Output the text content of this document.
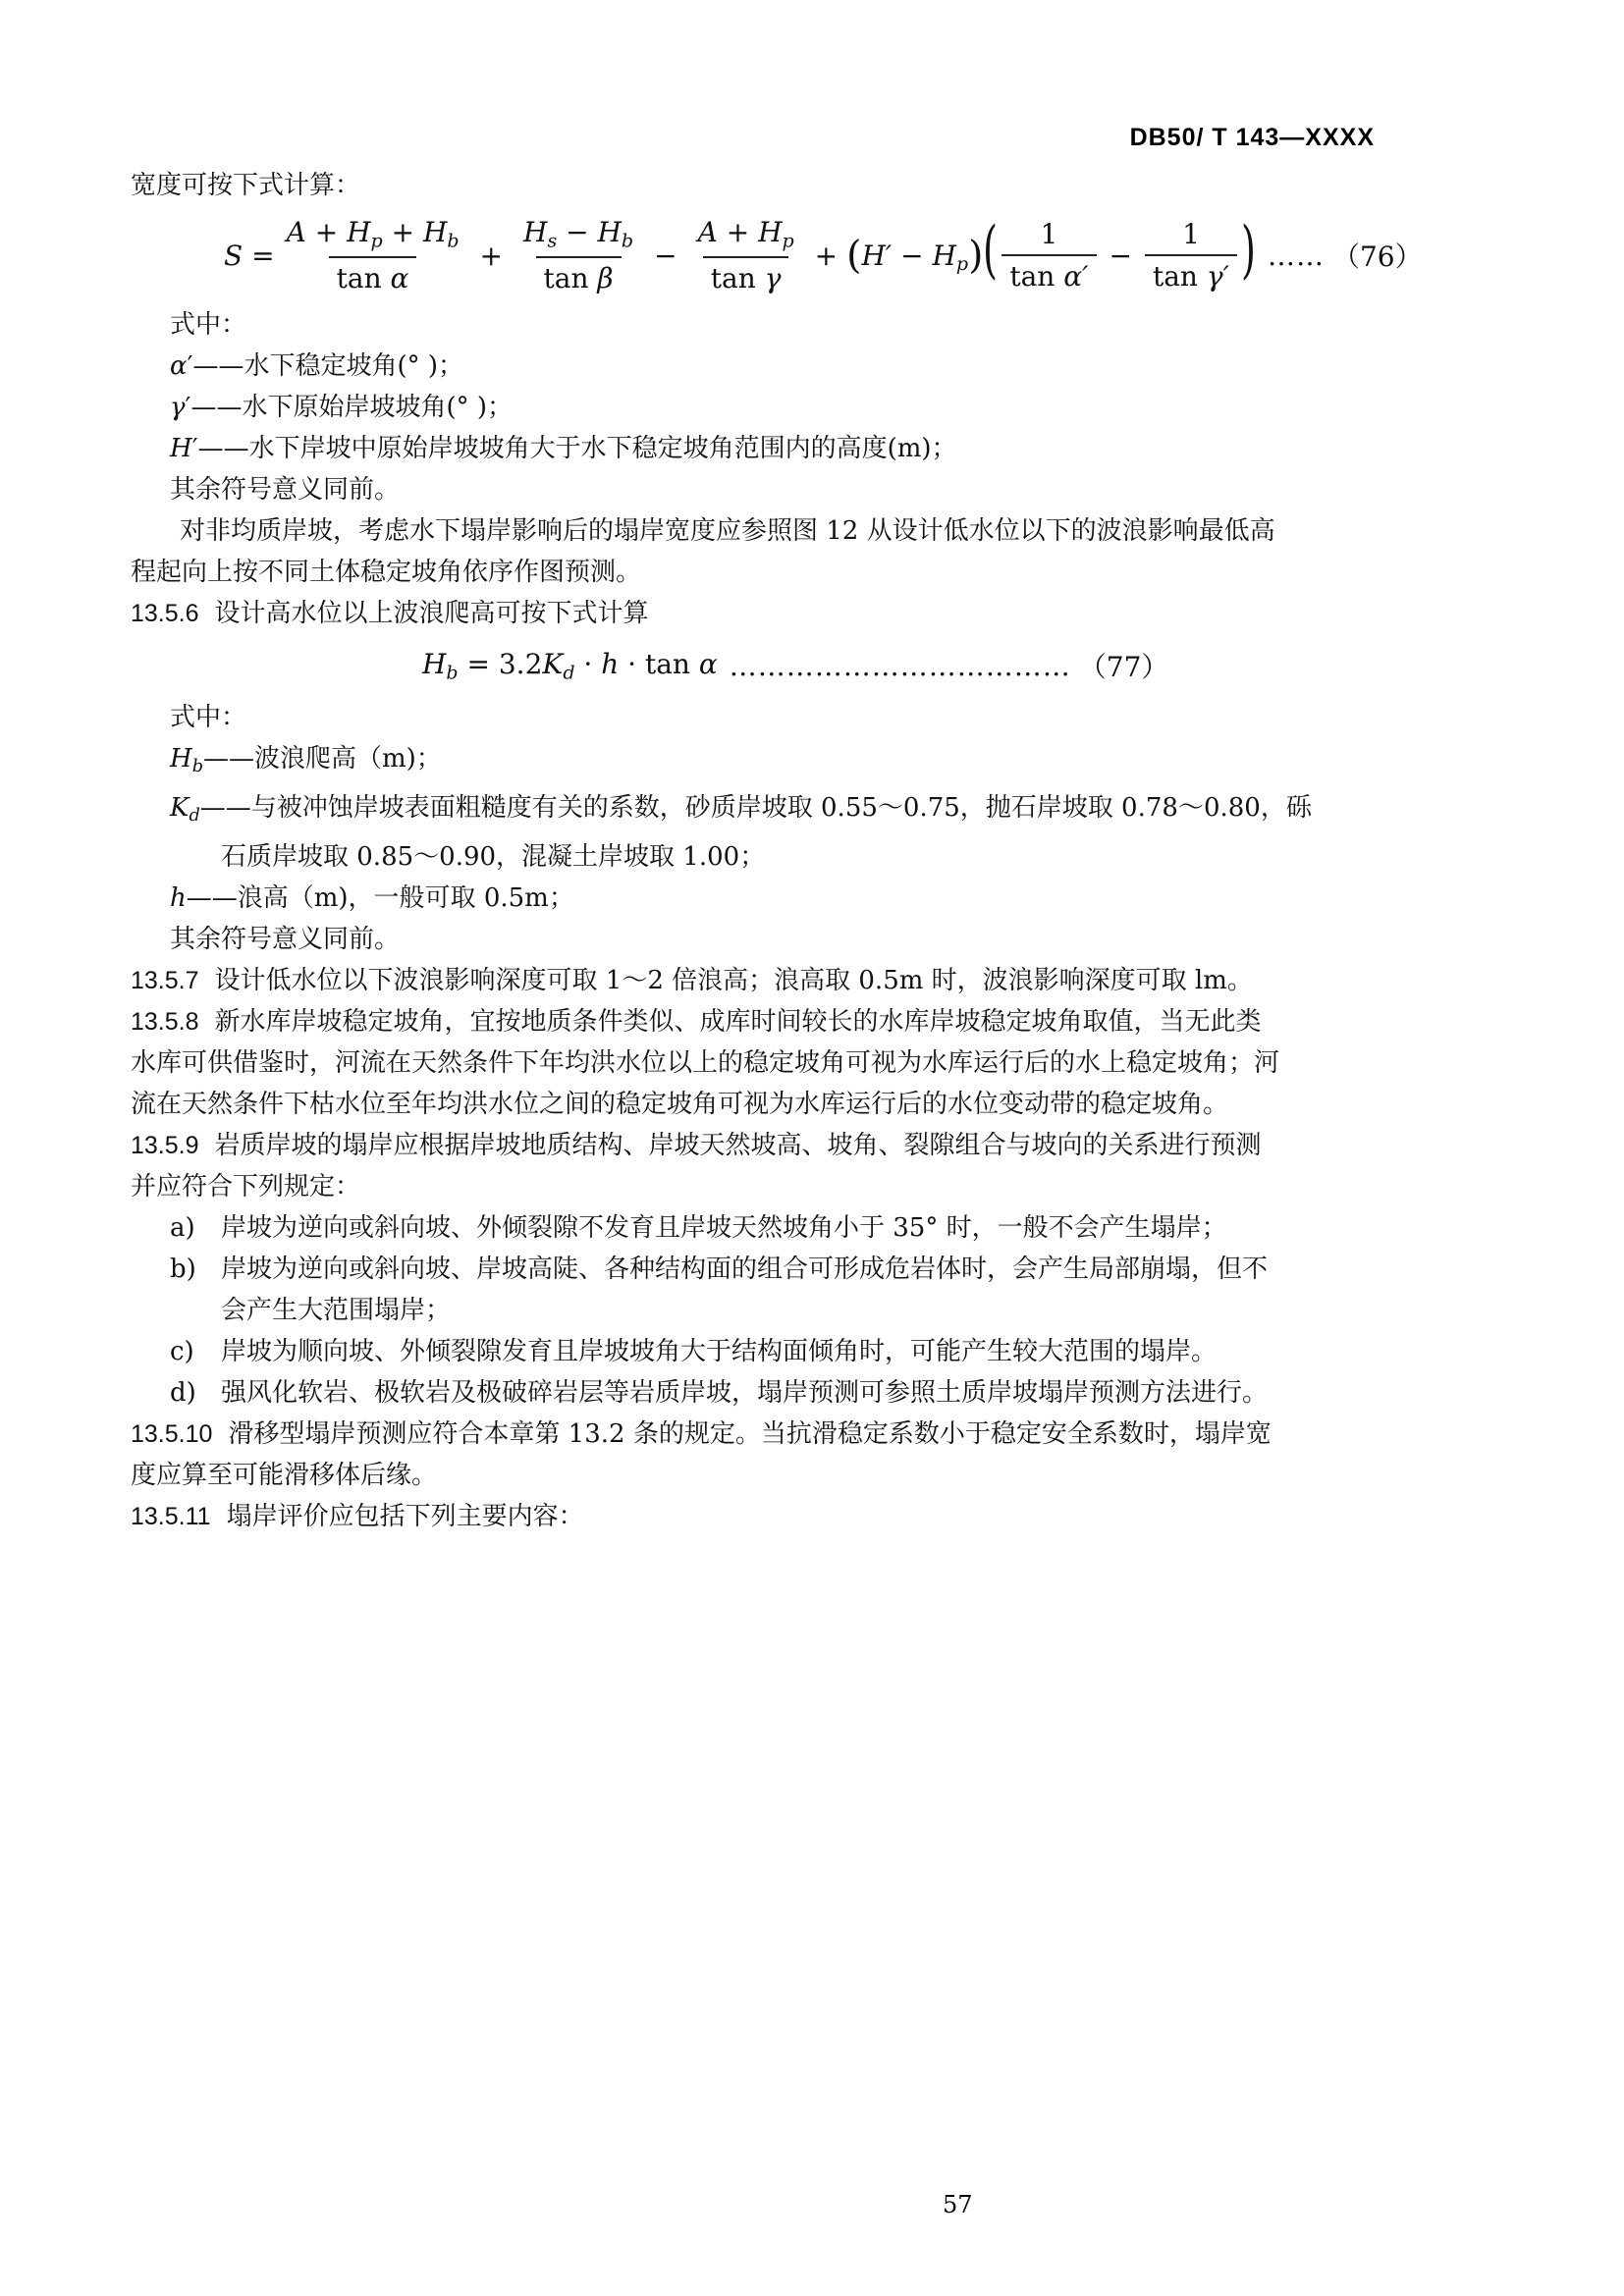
DB50/ T 143—XXXX
宽度可按下式计算：
$S = \frac{A + Hp + Hb}{\text{tan α}} + \frac{Hs - Hb}{\text{tan β}} - \frac{A + Hp}{\text{tan γ}} + (H' - Hp)$ ( $\frac{1}{\text{tan α′}} - \frac{1}{\text{tan γ′}}$ ) …… （76）
式中：
α′——水下稳定坡角(° )；
γ′——水下原始岸坡坡角(° )；
H′——水下岸坡中原始岸坡坡角大于水下稳定坡角范围内的高度(m)；
其余符号意义同前。
对非均质岸坡，考虑水下塌岸影响后的塌岸宽度应参照图 12 从设计低水位以下的波浪影响最低高
程起向上按不同土体稳定坡角依序作图预测。
13.5.6 设计高水位以上波浪爬高可按下式计算
Hb = 3.2Kd · h · tan α ……………………………… （77）
式中：
Hb——波浪爬高（m)；
Kd——与被冲蚀岸坡表面粗糙度有关的系数，砂质岸坡取 0.55～0.75，抛石岸坡取 0.78～0.80，砾
石质岸坡取 0.85～0.90，混凝土岸坡取 1.00；
h——浪高（m)，一般可取 0.5m；
其余符号意义同前。
13.5.7 设计低水位以下波浪影响深度可取 1～2 倍浪高；浪高取 0.5m 时，波浪影响深度可取 lm。
13.5.8 新水库岸坡稳定坡角，宜按地质条件类似、成库时间较长的水库岸坡稳定坡角取值，当无此类
水库可供借鉴时，河流在天然条件下年均洪水位以上的稳定坡角可视为水库运行后的水上稳定坡角；河
流在天然条件下枯水位至年均洪水位之间的稳定坡角可视为水库运行后的水位变动带的稳定坡角。
13.5.9 岩质岸坡的塌岸应根据岸坡地质结构、岸坡天然坡高、坡角、裂隙组合与坡向的关系进行预测
并应符合下列规定：
a) 岸坡为逆向或斜向坡、外倾裂隙不发育且岸坡天然坡角小于 35° 时，一般不会产生塌岸；
b) 岸坡为逆向或斜向坡、岸坡高陡、各种结构面的组合可形成危岩体时，会产生局部崩塌，但不
会产生大范围塌岸；
c) 岸坡为顺向坡、外倾裂隙发育且岸坡坡角大于结构面倾角时，可能产生较大范围的塌岸。
d) 强风化软岩、极软岩及极破碎岩层等岩质岸坡，塌岸预测可参照土质岸坡塌岸预测方法进行。
13.5.10 滑移型塌岸预测应符合本章第 13.2 条的规定。当抗滑稳定系数小于稳定安全系数时，塌岸宽
度应算至可能滑移体后缘。
13.5.11 塌岸评价应包括下列主要内容：
57
